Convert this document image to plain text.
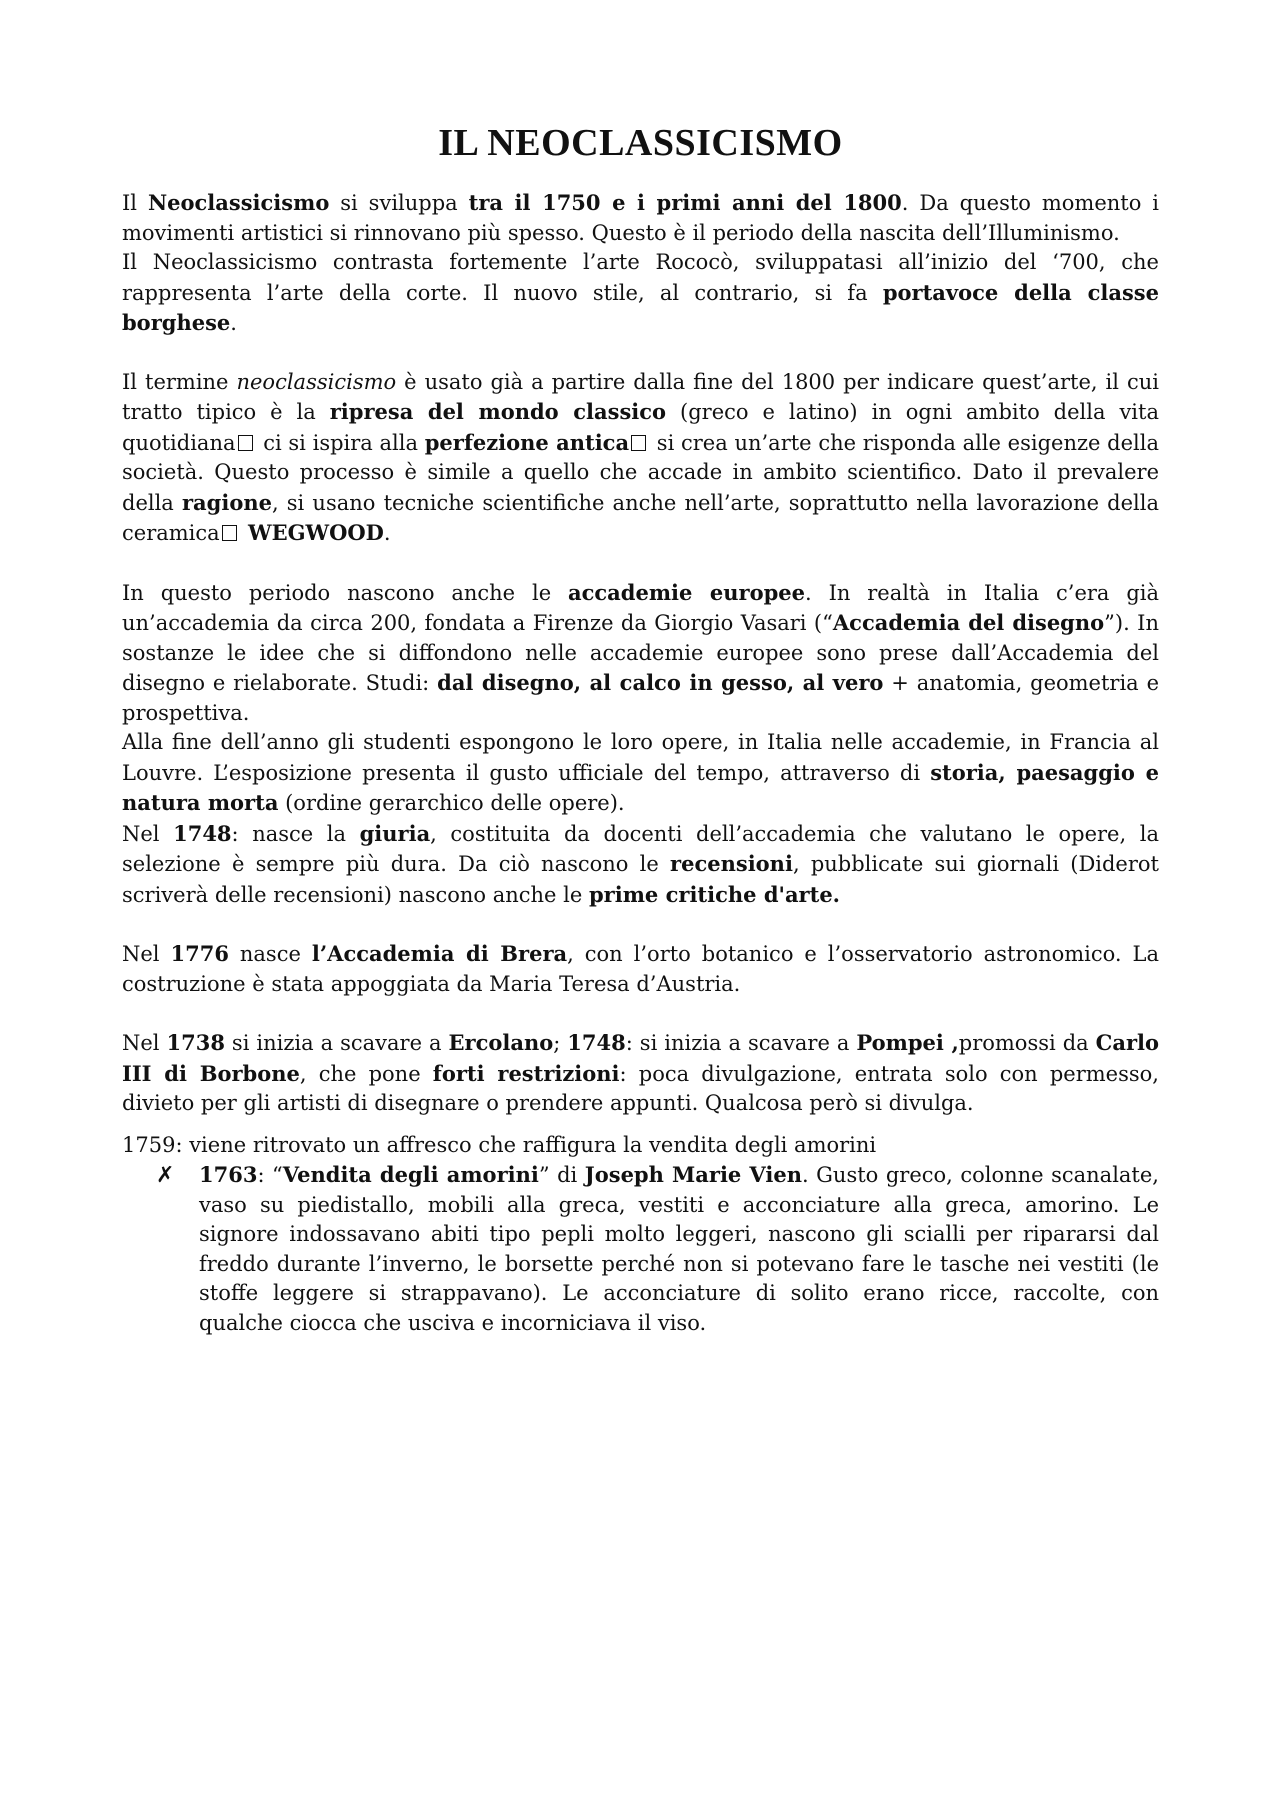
IL NEOCLASSICISMO

Il Neoclassicismo si sviluppa tra il 1750 e i primi anni del 1800. Da questo momento i movimenti artistici si rinnovano più spesso. Questo è il periodo della nascita dell’Illuminismo.

Il Neoclassicismo contrasta fortemente l’arte Rococò, sviluppatasi all’inizio del ‘700, che rappresenta l’arte della corte. Il nuovo stile, al contrario, si fa portavoce della classe borghese.

Il termine neoclassicismo è usato già a partire dalla fine del 1800 per indicare quest’arte, il cui tratto tipico è la ripresa del mondo classico (greco e latino) in ogni ambito della vita quotidiana ci si ispira alla perfezione antica si crea un’arte che risponda alle esigenze della società. Questo processo è simile a quello che accade in ambito scientifico. Dato il prevalere della ragione, si usano tecniche scientifiche anche nell’arte, soprattutto nella lavorazione della ceramica WEGWOOD.

In questo periodo nascono anche le accademie europee. In realtà in Italia c’era già un’accademia da circa 200, fondata a Firenze da Giorgio Vasari (“Accademia del disegno”). In sostanze le idee che si diffondono nelle accademie europee sono prese dall’Accademia del disegno e rielaborate. Studi: dal disegno, al calco in gesso, al vero + anatomia, geometria e prospettiva.

Alla fine dell’anno gli studenti espongono le loro opere, in Italia nelle accademie, in Francia al Louvre. L’esposizione presenta il gusto ufficiale del tempo, attraverso di storia, paesaggio e natura morta (ordine gerarchico delle opere).

Nel 1748: nasce la giuria, costituita da docenti dell’accademia che valutano le opere, la selezione è sempre più dura. Da ciò nascono le recensioni, pubblicate sui giornali (Diderot scriverà delle recensioni) nascono anche le prime critiche d'arte.

Nel 1776 nasce l’Accademia di Brera, con l’orto botanico e l’osservatorio astronomico. La costruzione è stata appoggiata da Maria Teresa d’Austria.

Nel 1738 si inizia a scavare a Ercolano; 1748: si inizia a scavare a Pompei ,promossi da Carlo III di Borbone, che pone forti restrizioni: poca divulgazione, entrata solo con permesso, divieto per gli artisti di disegnare o prendere appunti. Qualcosa però si divulga.

1759: viene ritrovato un affresco che raffigura la vendita degli amorini

✗ 1763: “Vendita degli amorini” di Joseph Marie Vien. Gusto greco, colonne scanalate, vaso su piedistallo, mobili alla greca, vestiti e acconciature alla greca, amorino. Le signore indossavano abiti tipo pepli molto leggeri, nascono gli scialli per ripararsi dal freddo durante l’inverno, le borsette perché non si potevano fare le tasche nei vestiti (le stoffe leggere si strappavano). Le acconciature di solito erano ricce, raccolte, con qualche ciocca che usciva e incorniciava il viso.
